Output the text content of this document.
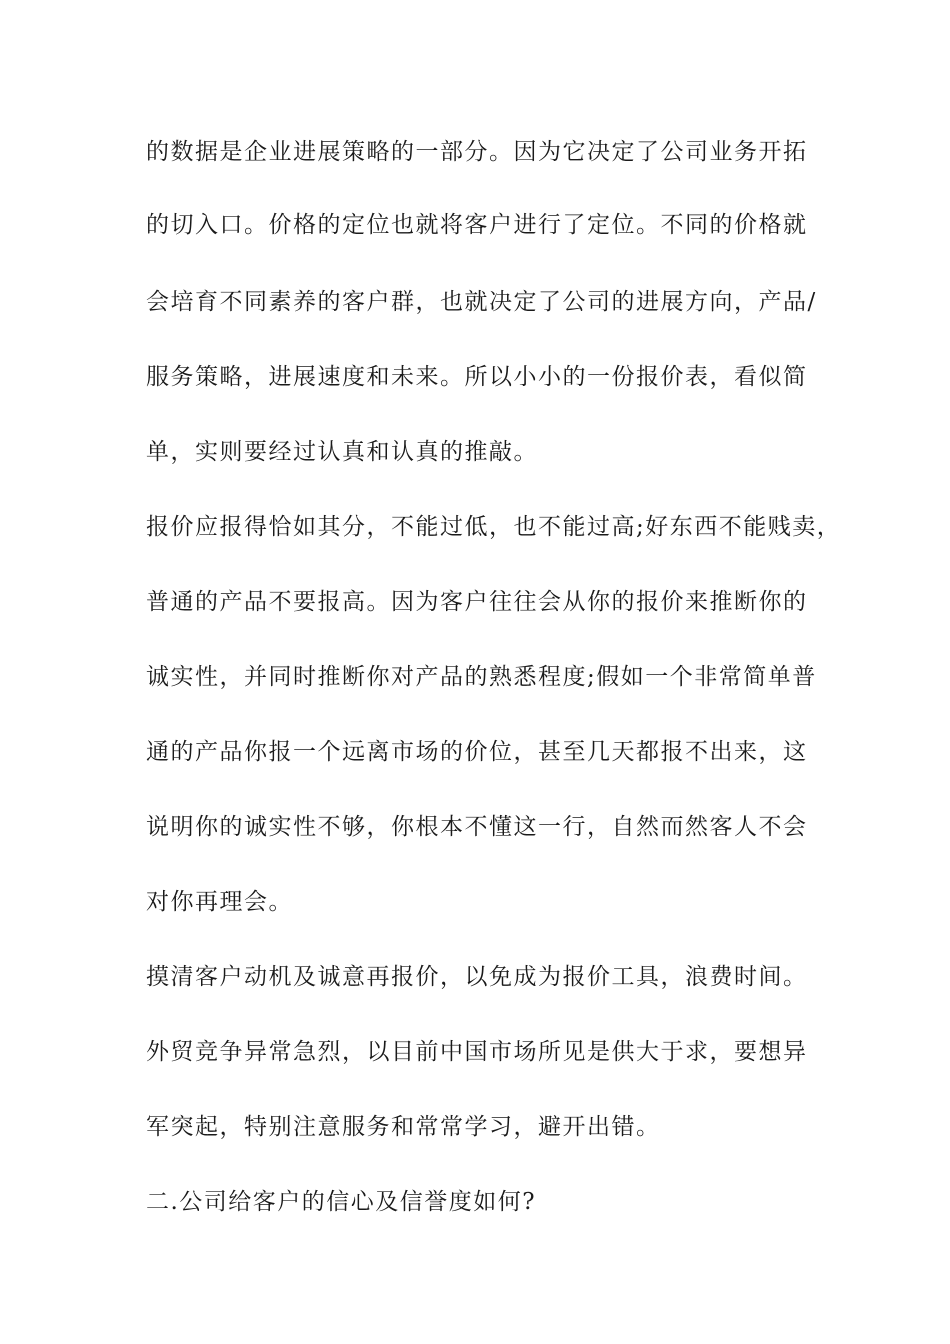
的数据是企业进展策略的一部分。因为它决定了公司业务开拓
的切入口。价格的定位也就将客户进行了定位。不同的价格就
会培育不同素养的客户群，也就决定了公司的进展方向，产品/
服务策略，进展速度和未来。所以小小的一份报价表，看似简
单，实则要经过认真和认真的推敲。
报价应报得恰如其分，不能过低，也不能过高;好东西不能贱卖，
普通的产品不要报高。因为客户往往会从你的报价来推断你的
诚实性，并同时推断你对产品的熟悉程度;假如一个非常简单普
通的产品你报一个远离市场的价位，甚至几天都报不出来，这
说明你的诚实性不够，你根本不懂这一行，自然而然客人不会
对你再理会。
摸清客户动机及诚意再报价，以免成为报价工具，浪费时间。
外贸竞争异常急烈，以目前中国市场所见是供大于求，要想异
军突起，特别注意服务和常常学习，避开出错。
二.公司给客户的信心及信誉度如何?
